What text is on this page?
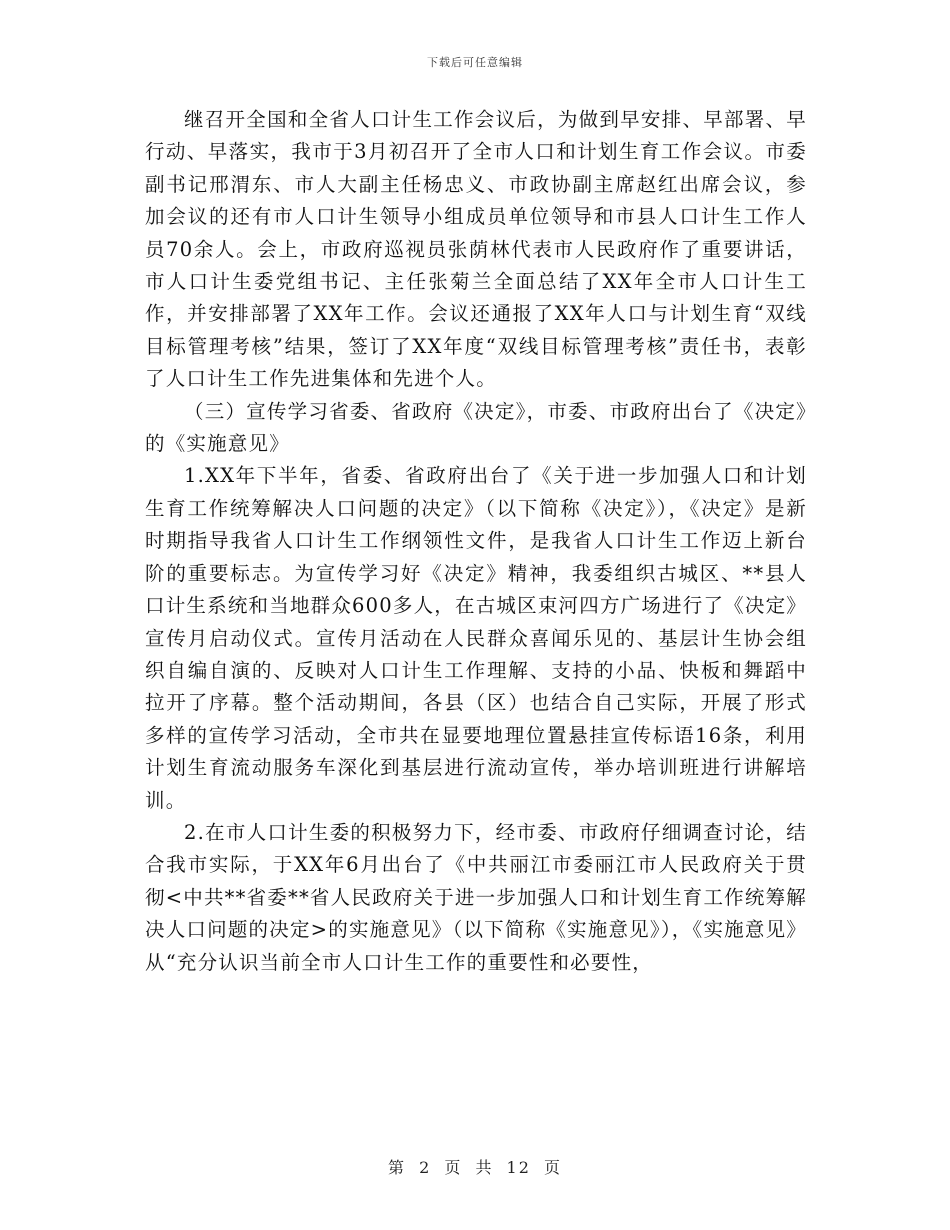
下载后可任意编辑

继召开全国和全省人口计生工作会议后，为做到早安排、早部署、早行动、早落实，我市于3月初召开了全市人口和计划生育工作会议。市委副书记邢渭东、市人大副主任杨忠义、市政协副主席赵红出席会议，参加会议的还有市人口计生领导小组成员单位领导和市县人口计生工作人员70余人。会上，市政府巡视员张荫林代表市人民政府作了重要讲话，市人口计生委党组书记、主任张菊兰全面总结了XX年全市人口计生工作，并安排部署了XX年工作。会议还通报了XX年人口与计划生育“双线目标管理考核”结果，签订了XX年度“双线目标管理考核”责任书，表彰了人口计生工作先进集体和先进个人。

（三）宣传学习省委、省政府《决定》，市委、市政府出台了《决定》的《实施意见》

1.XX年下半年，省委、省政府出台了《关于进一步加强人口和计划生育工作统筹解决人口问题的决定》（以下简称《决定》），《决定》是新时期指导我省人口计生工作纲领性文件，是我省人口计生工作迈上新台阶的重要标志。为宣传学习好《决定》精神，我委组织古城区、**县人口计生系统和当地群众600多人，在古城区束河四方广场进行了《决定》宣传月启动仪式。宣传月活动在人民群众喜闻乐见的、基层计生协会组织自编自演的、反映对人口计生工作理解、支持的小品、快板和舞蹈中拉开了序幕。整个活动期间，各县（区）也结合自己实际，开展了形式多样的宣传学习活动，全市共在显要地理位置悬挂宣传标语16条，利用计划生育流动服务车深化到基层进行流动宣传，举办培训班进行讲解培训。

2.在市人口计生委的积极努力下，经市委、市政府仔细调查讨论，结合我市实际，于XX年6月出台了《中共丽江市委丽江市人民政府关于贯彻<中共**省委**省人民政府关于进一步加强人口和计划生育工作统筹解决人口问题的决定>的实施意见》（以下简称《实施意见》），《实施意见》从“充分认识当前全市人口计生工作的重要性和必要性，

第 2 页 共 12 页
